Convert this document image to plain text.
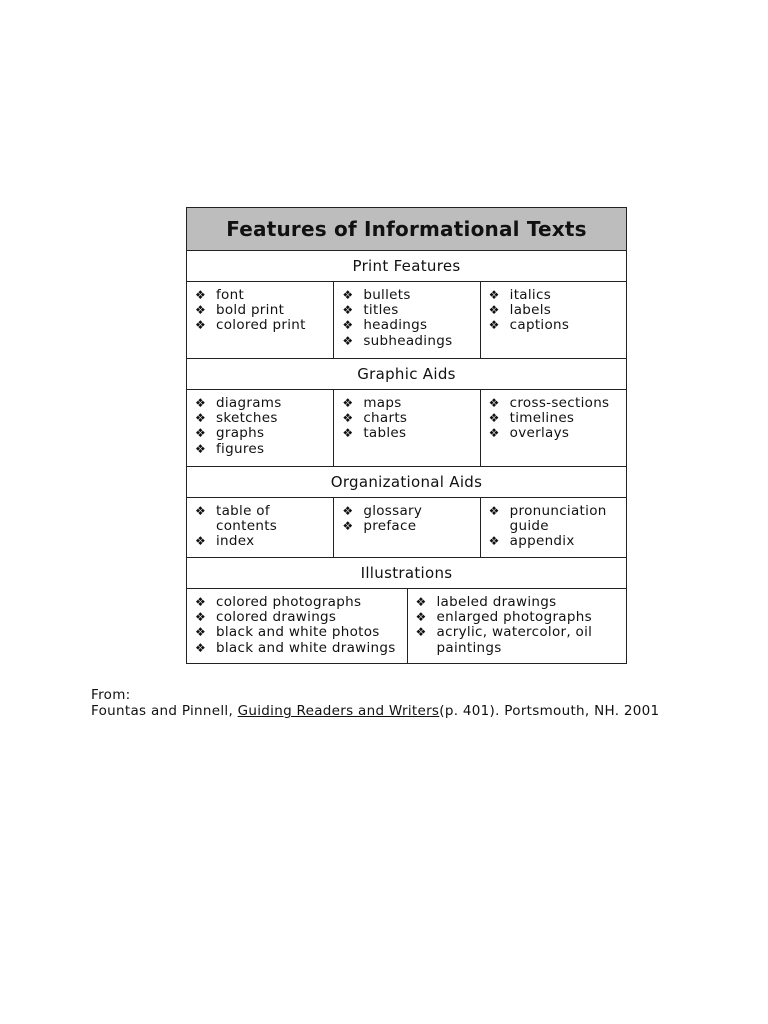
Features of Informational Texts
Print Features
❖ font
❖ bold print
❖ colored print
❖ bullets
❖ titles
❖ headings
❖ subheadings
❖ italics
❖ labels
❖ captions
Graphic Aids
❖ diagrams
❖ sketches
❖ graphs
❖ figures
❖ maps
❖ charts
❖ tables
❖ cross-sections
❖ timelines
❖ overlays
Organizational Aids
❖ table of contents
❖ index
❖ glossary
❖ preface
❖ pronunciation guide
❖ appendix
Illustrations
❖ colored photographs
❖ colored drawings
❖ black and white photos
❖ black and white drawings
❖ labeled drawings
❖ enlarged photographs
❖ acrylic, watercolor, oil paintings
From:
Fountas and Pinnell, Guiding Readers and Writers(p. 401). Portsmouth, NH. 2001
